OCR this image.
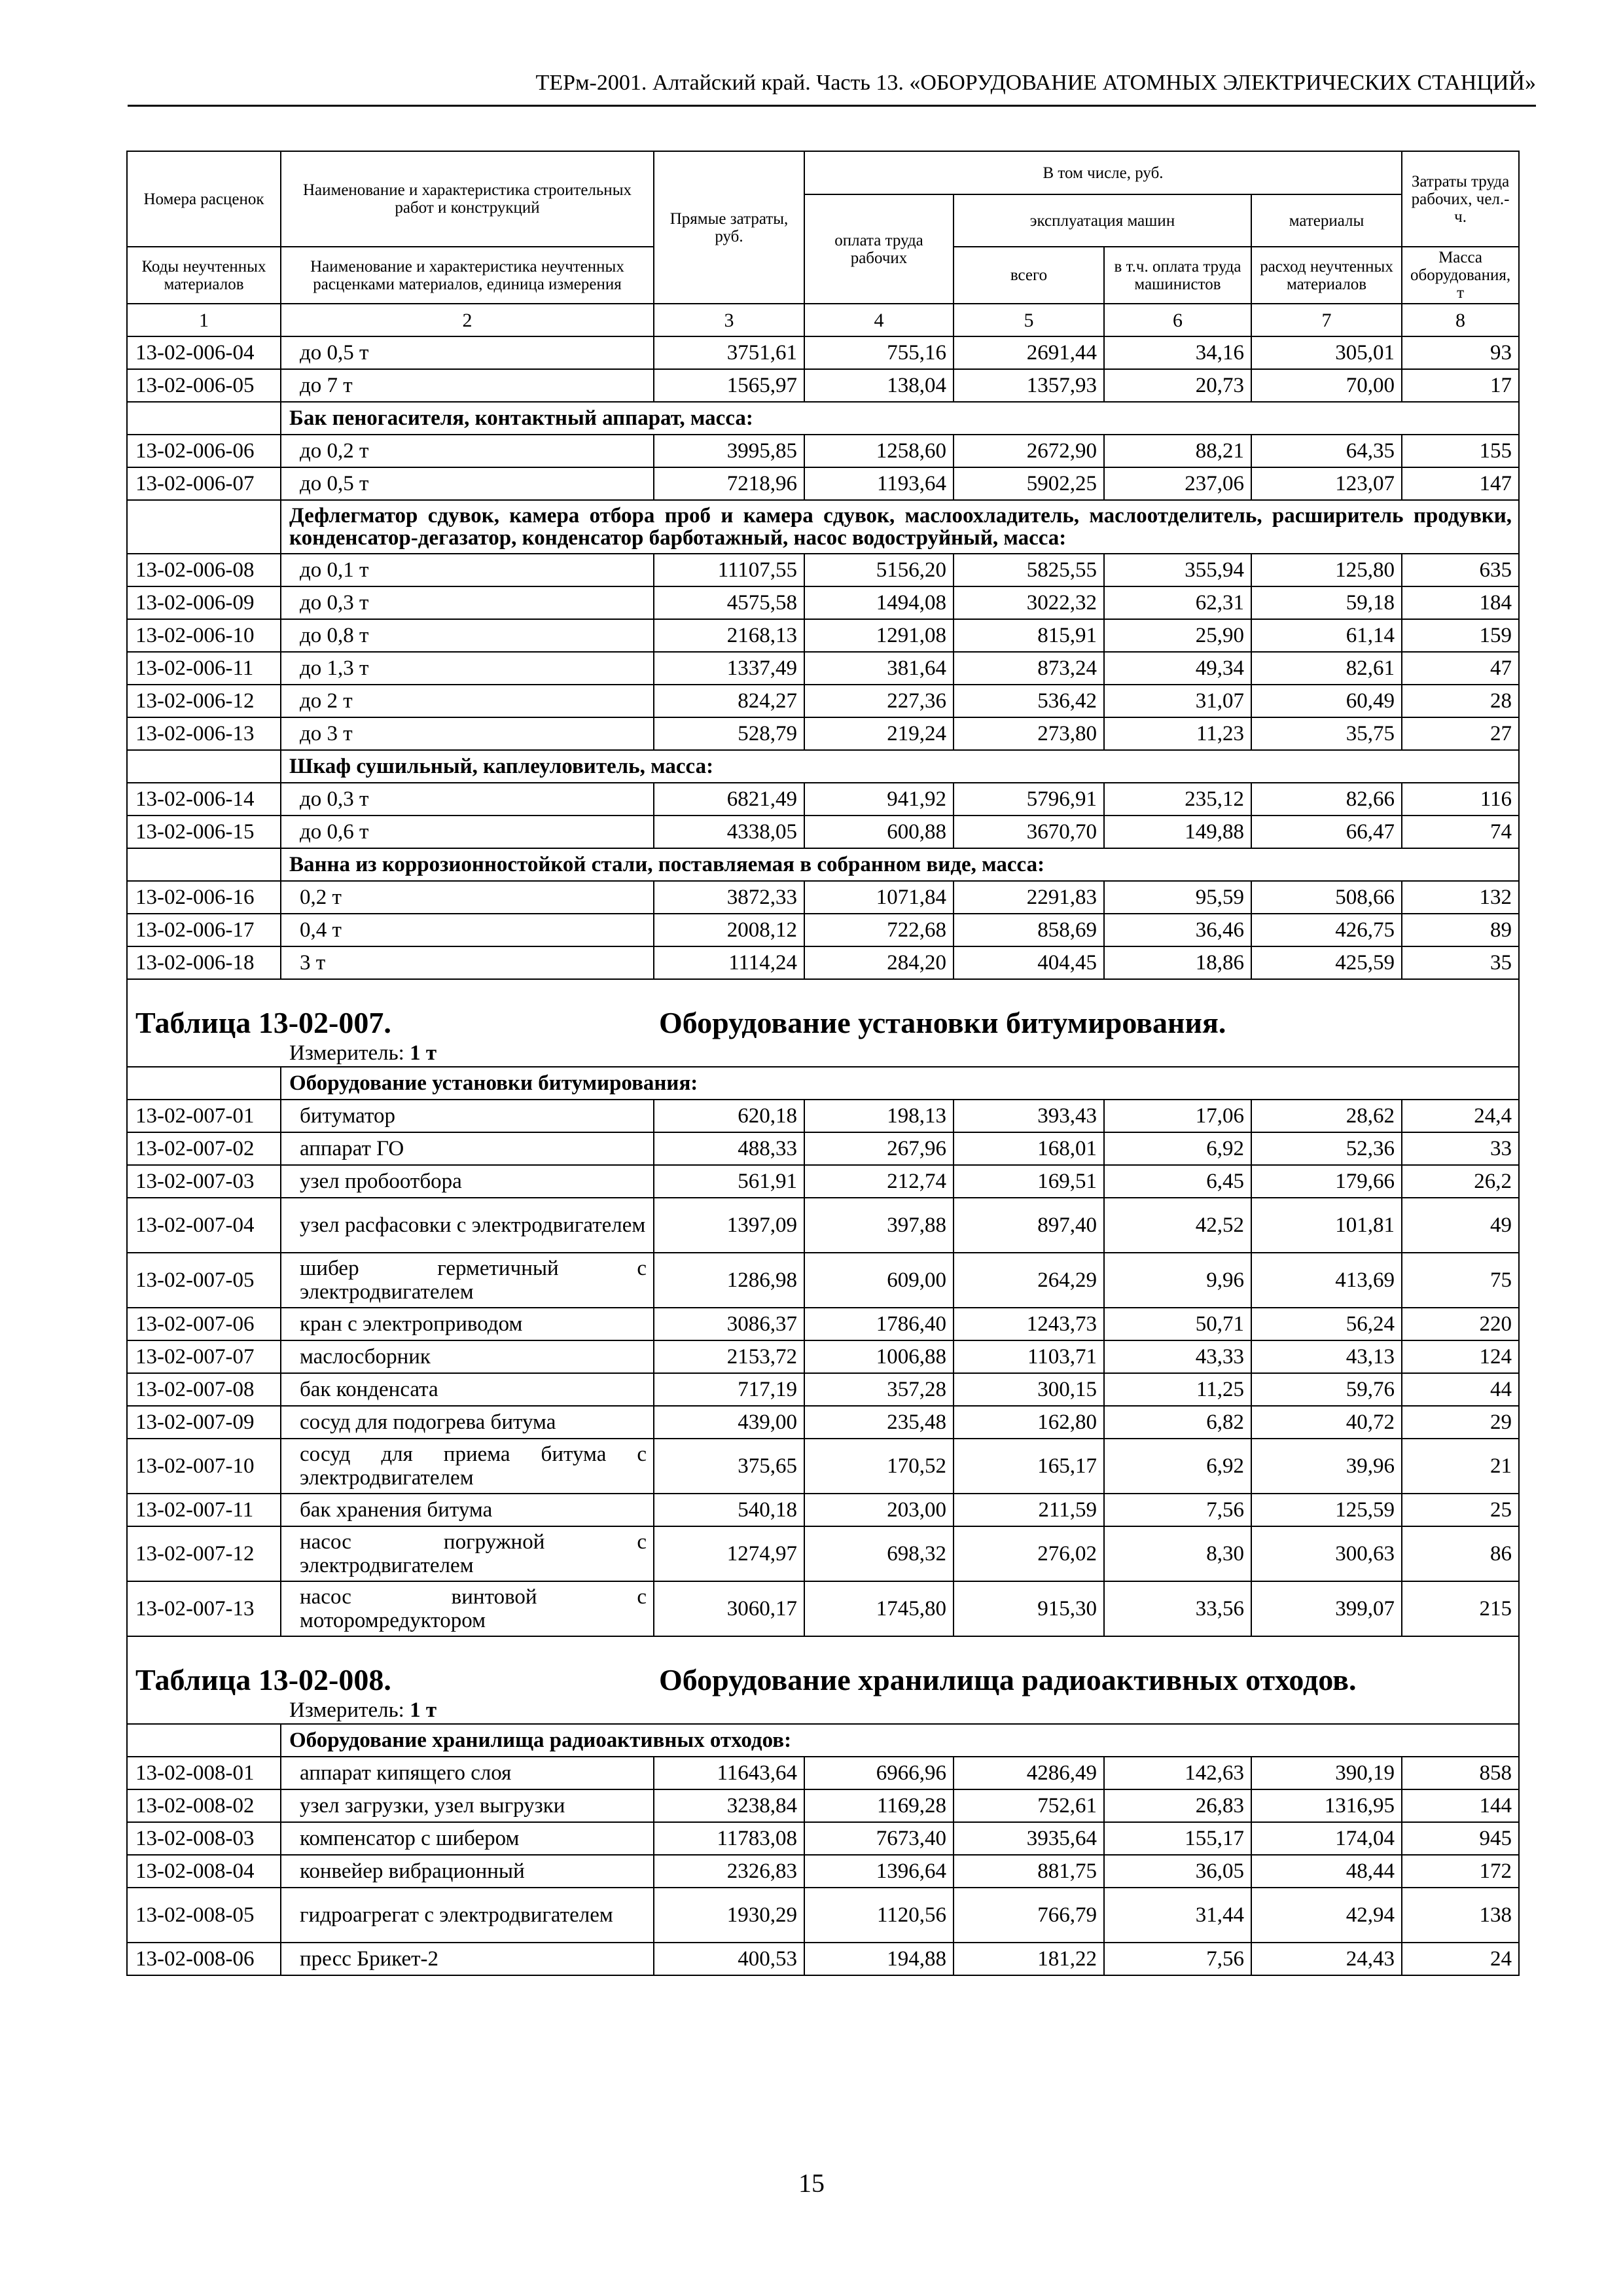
ТЕРм-2001. Алтайский край. Часть 13. «ОБОРУДОВАНИЕ АТОМНЫХ ЭЛЕКТРИЧЕСКИХ СТАНЦИЙ»
Номера расценок	Наименование и характеристика строительных работ и конструкций	Прямые затраты, руб.	В том числе, руб.				Затраты труда рабочих, чел.-ч.
			оплата труда рабочих	эксплуатация машин		материалы	
Коды неучтенных материалов	Наименование и характеристика неучтенных расценками материалов, единица измерения			всего	в т.ч. оплата труда машинистов	расход неучтенных материалов	Масса оборудования, т
1	2	3	4	5	6	7	8
13-02-006-04	до 0,5 т	3751,61	755,16	2691,44	34,16	305,01	93
13-02-006-05	до 7 т	1565,97	138,04	1357,93	20,73	70,00	17
	Бак пеногасителя, контактный аппарат, масса:						
13-02-006-06	до 0,2 т	3995,85	1258,60	2672,90	88,21	64,35	155
13-02-006-07	до 0,5 т	7218,96	1193,64	5902,25	237,06	123,07	147
	Дефлегматор сдувок, камера отбора проб и камера сдувок, маслоохладитель, маслоотделитель, расширитель продувки, конденсатор-дегазатор, конденсатор барботажный, насос водоструйный, масса:						
13-02-006-08	до 0,1 т	11107,55	5156,20	5825,55	355,94	125,80	635
13-02-006-09	до 0,3 т	4575,58	1494,08	3022,32	62,31	59,18	184
13-02-006-10	до 0,8 т	2168,13	1291,08	815,91	25,90	61,14	159
13-02-006-11	до 1,3 т	1337,49	381,64	873,24	49,34	82,61	47
13-02-006-12	до 2 т	824,27	227,36	536,42	31,07	60,49	28
13-02-006-13	до 3 т	528,79	219,24	273,80	11,23	35,75	27
	Шкаф сушильный, каплеуловитель, масса:						
13-02-006-14	до 0,3 т	6821,49	941,92	5796,91	235,12	82,66	116
13-02-006-15	до 0,6 т	4338,05	600,88	3670,70	149,88	66,47	74
	Ванна из коррозионностойкой стали, поставляемая в собранном виде, масса:						
13-02-006-16	0,2 т	3872,33	1071,84	2291,83	95,59	508,66	132
13-02-006-17	0,4 т	2008,12	722,68	858,69	36,46	426,75	89
13-02-006-18	3 т	1114,24	284,20	404,45	18,86	425,59	35

Таблица 13-02-007. Оборудование установки битумирования.
Измеритель: 1 т							

	Оборудование установки битумирования:						
13-02-007-01	битуматор	620,18	198,13	393,43	17,06	28,62	24,4
13-02-007-02	аппарат ГО	488,33	267,96	168,01	6,92	52,36	33
13-02-007-03	узел пробоотбора	561,91	212,74	169,51	6,45	179,66	26,2
13-02-007-04	узел расфасовки с электродвигателем	1397,09	397,88	897,40	42,52	101,81	49
13-02-007-05	шибер герметичный с электродвигателем	1286,98	609,00	264,29	9,96	413,69	75
13-02-007-06	кран с электроприводом	3086,37	1786,40	1243,73	50,71	56,24	220
13-02-007-07	маслосборник	2153,72	1006,88	1103,71	43,33	43,13	124
13-02-007-08	бак конденсата	717,19	357,28	300,15	11,25	59,76	44
13-02-007-09	сосуд для подогрева битума	439,00	235,48	162,80	6,82	40,72	29
13-02-007-10	сосуд для приема битума с электродвигателем	375,65	170,52	165,17	6,92	39,96	21
13-02-007-11	бак хранения битума	540,18	203,00	211,59	7,56	125,59	25
13-02-007-12	насос погружной с электродвигателем	1274,97	698,32	276,02	8,30	300,63	86
13-02-007-13	насос винтовой с моторомредуктором	3060,17	1745,80	915,30	33,56	399,07	215

Таблица 13-02-008. Оборудование хранилища радиоактивных отходов.
Измеритель: 1 т							

	Оборудование хранилища радиоактивных отходов:						
13-02-008-01	аппарат кипящего слоя	11643,64	6966,96	4286,49	142,63	390,19	858
13-02-008-02	узел загрузки, узел выгрузки	3238,84	1169,28	752,61	26,83	1316,95	144
13-02-008-03	компенсатор с шибером	11783,08	7673,40	3935,64	155,17	174,04	945
13-02-008-04	конвейер вибрационный	2326,83	1396,64	881,75	36,05	48,44	172
13-02-008-05	гидроагрегат с электродвигателем	1930,29	1120,56	766,79	31,44	42,94	138
13-02-008-06	пресс Брикет-2	400,53	194,88	181,22	7,56	24,43	24
15
